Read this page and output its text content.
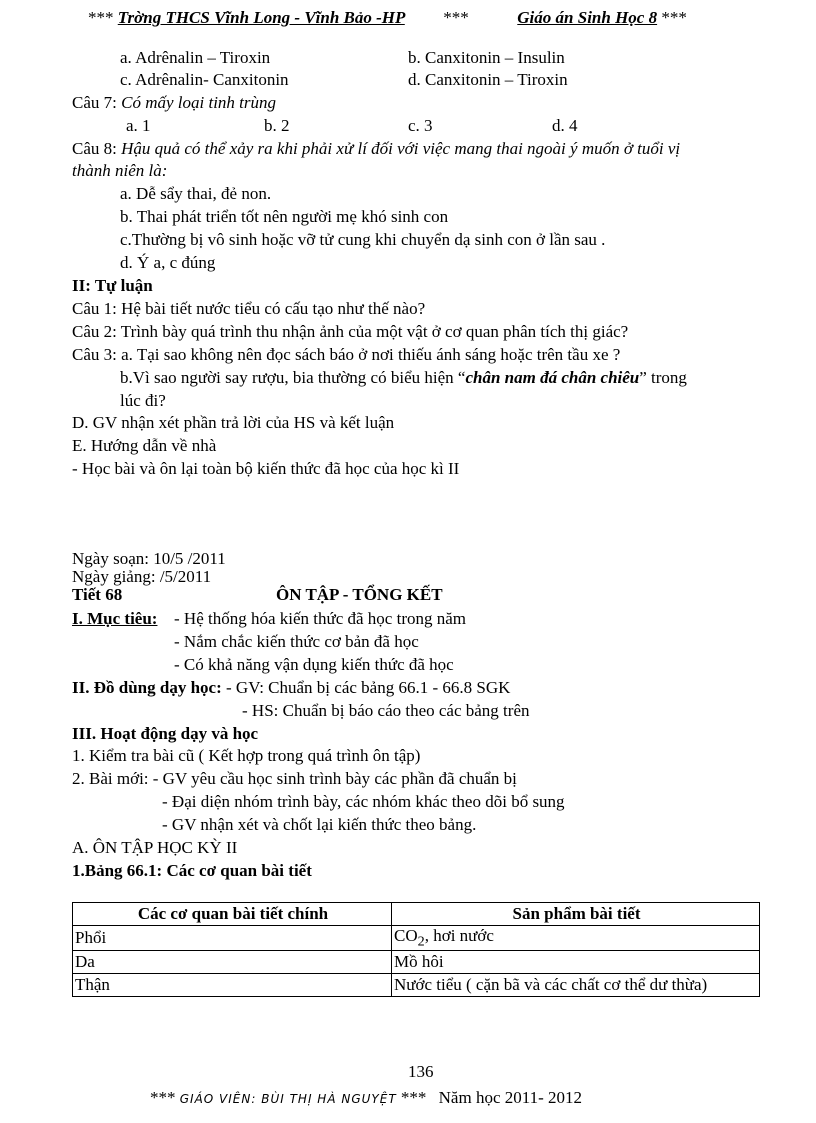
*** Trờng THCS Vĩnh Long - Vĩnh Bảo -HP ***	Giáo án Sinh Học 8 ***
a. Adrênalin – Tiroxin	b. Canxitonin – Insulin
c. Adrênalin- Canxitonin	d. Canxitonin – Tiroxin
Câu 7: Có mấy loại tinh trùng
a. 1	b. 2	c. 3	d. 4
Câu 8: Hậu quả có thể xảy ra khi phải xử lí đối với việc mang thai ngoài ý muốn ở tuổi vị
thành niên là:
a. Dễ sẩy thai, đẻ non.
b. Thai phát triển tốt nên người mẹ khó sinh con
c.Thường bị vô sinh hoặc vỡ tử cung khi chuyển dạ sinh con ở lần sau .
d. Ý a, c đúng
II: Tự luận
Câu 1: Hệ bài tiết nước tiểu có cấu tạo như thế nào?
Câu 2: Trình bày quá trình thu nhận ảnh của một vật ở cơ quan phân tích thị giác?
Câu 3: a. Tại sao không nên đọc sách báo ở nơi thiếu ánh sáng hoặc trên tầu xe ?
b.Vì sao người say rượu, bia thường có biểu hiện “chân nam đá chân chiêu” trong
lúc đi?
D. GV nhận xét phần trả lời của HS và kết luận
E. Hướng dẫn về nhà
- Học bài và ôn lại toàn bộ kiến thức đã học của học kì II
Ngày soạn: 10/5 /2011
Ngày giảng: /5/2011
Tiết 68	ÔN TẬP - TỔNG KẾT
I. Mục tiêu: - Hệ thống hóa kiến thức đã học trong năm
- Nắm chắc kiến thức cơ bản đã học
- Có khả năng vận dụng kiến thức đã học
II. Đồ dùng dạy học: - GV: Chuẩn bị các bảng 66.1 - 66.8 SGK
- HS: Chuẩn bị báo cáo theo các bảng trên
III. Hoạt động dạy và học
1. Kiểm tra bài cũ ( Kết hợp trong quá trình ôn tập)
2. Bài mới: - GV yêu cầu học sinh trình bày các phần đã chuẩn bị
- Đại diện nhóm trình bày, các nhóm khác theo dõi bổ sung
- GV nhận xét và chốt lại kiến thức theo bảng.
A. ÔN TẬP HỌC KỲ II
1.Bảng 66.1: Các cơ quan bài tiết
Các cơ quan bài tiết chính	Sản phẩm bài tiết
Phổi	$CO_2$, hơi nước
Da	Mồ hôi
Thận	Nước tiểu ( cặn bã và các chất cơ thể dư thừa)
136
*** GIÁO VIÊN: BÙI THỊ HÀ NGUYỆT *** Năm học 2011- 2012
